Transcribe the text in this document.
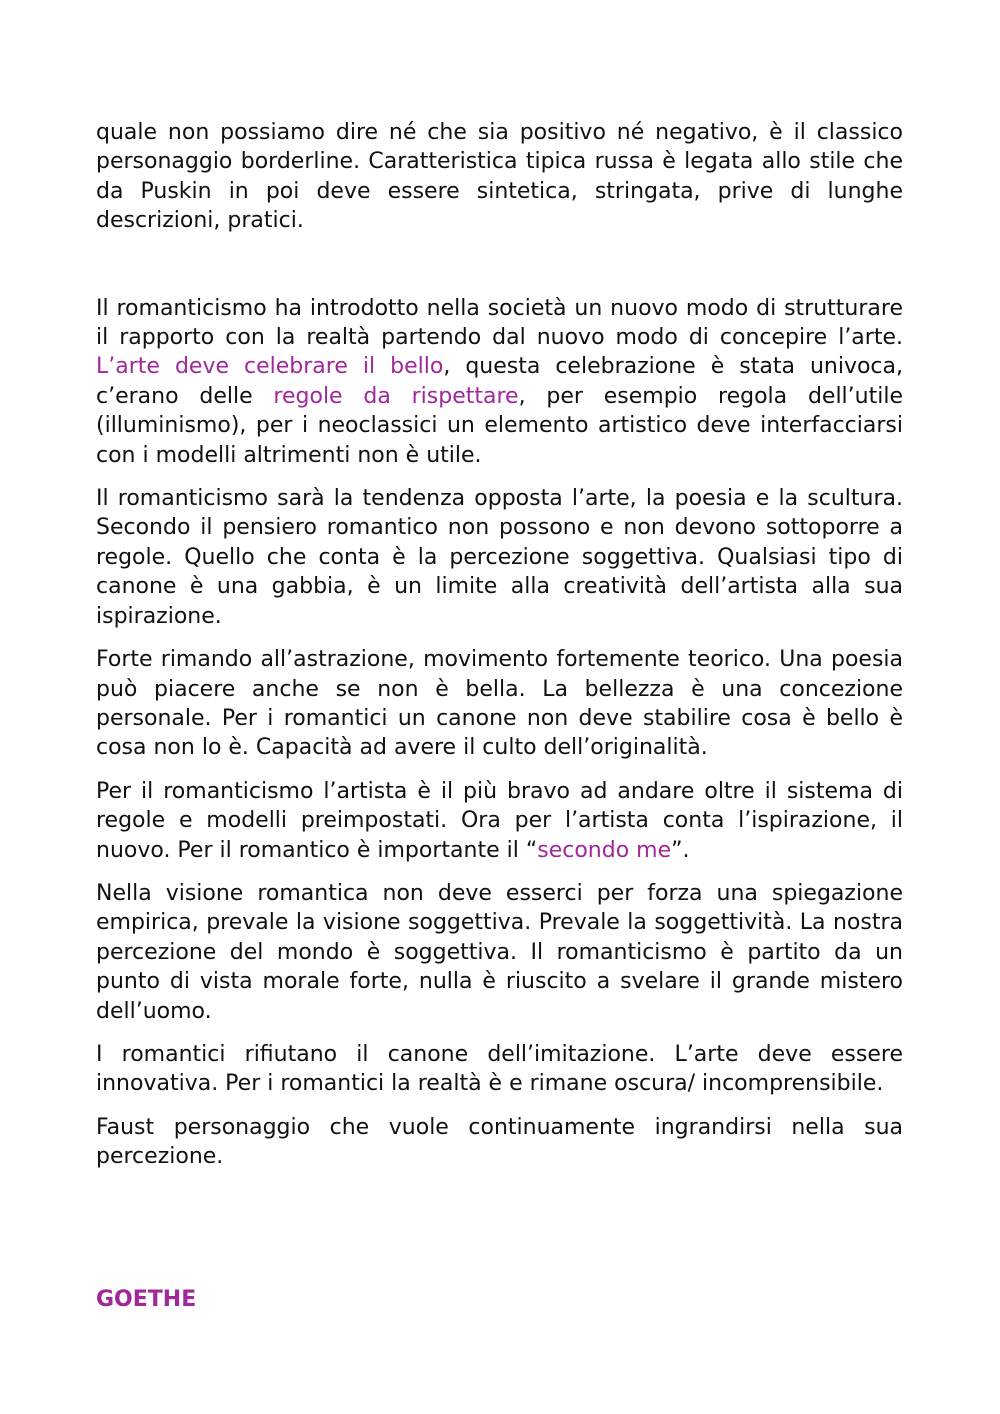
quale non possiamo dire né che sia positivo né negativo, è il classico personaggio borderline. Caratteristica tipica russa è legata allo stile che da Puskin in poi deve essere sintetica, stringata, prive di lunghe descrizioni, pratici.

Il romanticismo ha introdotto nella società un nuovo modo di strutturare il rapporto con la realtà partendo dal nuovo modo di concepire l’arte. L’arte deve celebrare il bello, questa celebrazione è stata univoca, c’erano delle regole da rispettare, per esempio regola dell’utile (illuminismo), per i neoclassici un elemento artistico deve interfacciarsi con i modelli altrimenti non è utile.

Il romanticismo sarà la tendenza opposta l’arte, la poesia e la scultura. Secondo il pensiero romantico non possono e non devono sottoporre a regole. Quello che conta è la percezione soggettiva. Qualsiasi tipo di canone è una gabbia, è un limite alla creatività dell’artista alla sua ispirazione.

Forte rimando all’astrazione, movimento fortemente teorico. Una poesia può piacere anche se non è bella. La bellezza è una concezione personale. Per i romantici un canone non deve stabilire cosa è bello è cosa non lo è. Capacità ad avere il culto dell’originalità.

Per il romanticismo l’artista è il più bravo ad andare oltre il sistema di regole e modelli preimpostati. Ora per l’artista conta l’ispirazione, il nuovo. Per il romantico è importante il “secondo me”.

Nella visione romantica non deve esserci per forza una spiegazione empirica, prevale la visione soggettiva. Prevale la soggettività. La nostra percezione del mondo è soggettiva. Il romanticismo è partito da un punto di vista morale forte, nulla è riuscito a svelare il grande mistero dell’uomo.

I romantici rifiutano il canone dell’imitazione. L’arte deve essere innovativa. Per i romantici la realtà è e rimane oscura/ incomprensibile.

Faust personaggio che vuole continuamente ingrandirsi nella sua percezione.

GOETHE
